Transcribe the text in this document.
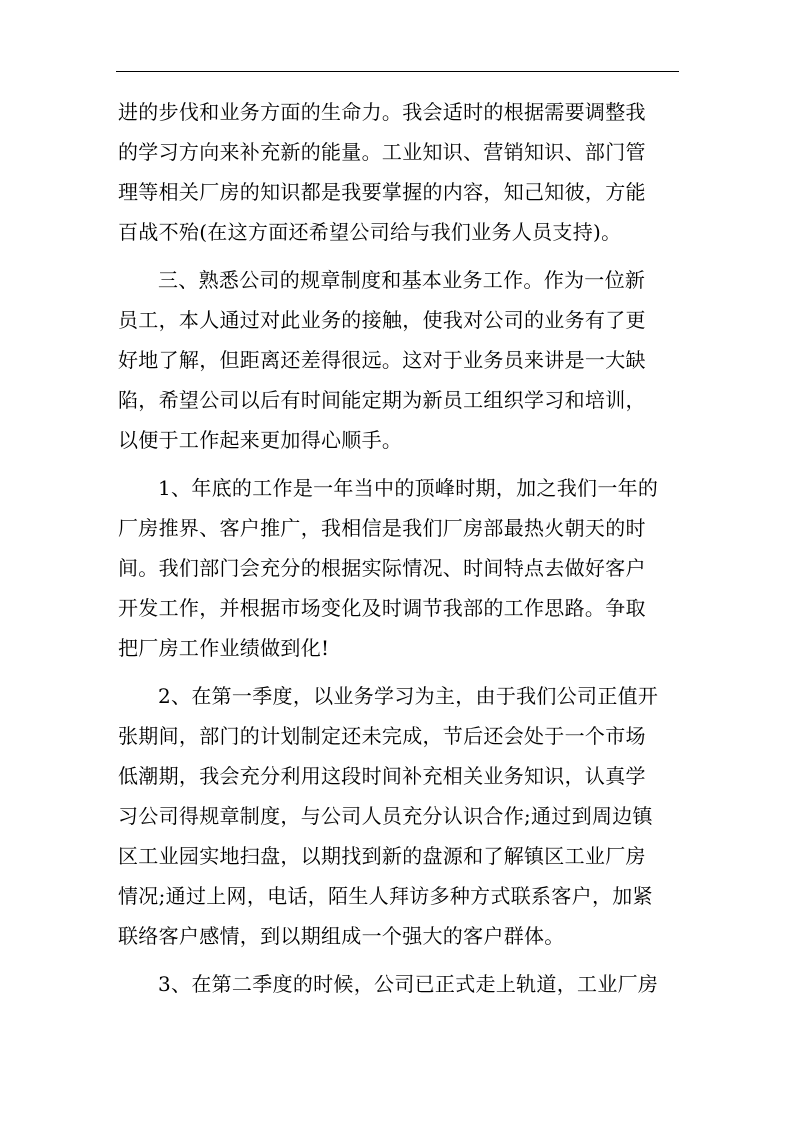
进的步伐和业务方面的生命力。我会适时的根据需要调整我
的学习方向来补充新的能量。工业知识、营销知识、部门管
理等相关厂房的知识都是我要掌握的内容，知己知彼，方能
百战不殆(在这方面还希望公司给与我们业务人员支持)。
三、熟悉公司的规章制度和基本业务工作。作为一位新
员工，本人通过对此业务的接触，使我对公司的业务有了更
好地了解，但距离还差得很远。这对于业务员来讲是一大缺
陷，希望公司以后有时间能定期为新员工组织学习和培训，
以便于工作起来更加得心顺手。
1、年底的工作是一年当中的顶峰时期，加之我们一年的
厂房推界、客户推广，我相信是我们厂房部最热火朝天的时
间。我们部门会充分的根据实际情况、时间特点去做好客户
开发工作，并根据市场变化及时调节我部的工作思路。争取
把厂房工作业绩做到化!
2、在第一季度，以业务学习为主，由于我们公司正值开
张期间，部门的计划制定还未完成，节后还会处于一个市场
低潮期，我会充分利用这段时间补充相关业务知识，认真学
习公司得规章制度，与公司人员充分认识合作;通过到周边镇
区工业园实地扫盘，以期找到新的盘源和了解镇区工业厂房
情况;通过上网，电话，陌生人拜访多种方式联系客户，加紧
联络客户感情，到以期组成一个强大的客户群体。
3、在第二季度的时候，公司已正式走上轨道，工业厂房
